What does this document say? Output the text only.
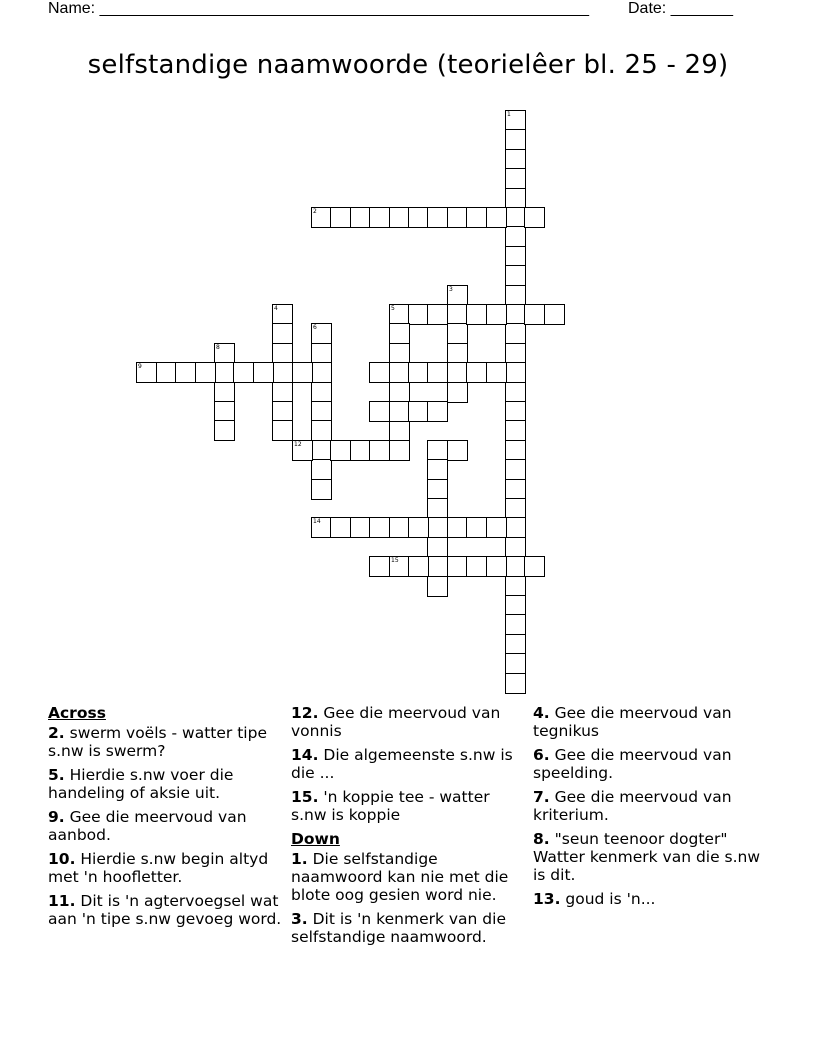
Name: _______________________________________________________ Date: _______
selfstandige naamwoorde (teorielêer bl. 25 - 29)
1
2
3
5
4
6
8
9
12
14
15
Across
2. swerm voëls - watter tipe s.nw is swerm?
5. Hierdie s.nw voer die handeling of aksie uit.
9. Gee die meervoud van aanbod.
10. Hierdie s.nw begin altyd met 'n hoofletter.
11. Dit is 'n agtervoegsel wat aan 'n tipe s.nw gevoeg word.
12. Gee die meervoud van vonnis
14. Die algemeenste s.nw is die ...
15. 'n koppie tee - watter s.nw is koppie
Down
1. Die selfstandige naamwoord kan nie met die blote oog gesien word nie.
3. Dit is 'n kenmerk van die selfstandige naamwoord.
4. Gee die meervoud van tegnikus
6. Gee die meervoud van speelding.
7. Gee die meervoud van kriterium.
8. "seun teenoor dogter" Watter kenmerk van die s.nw is dit.
13. goud is 'n...
